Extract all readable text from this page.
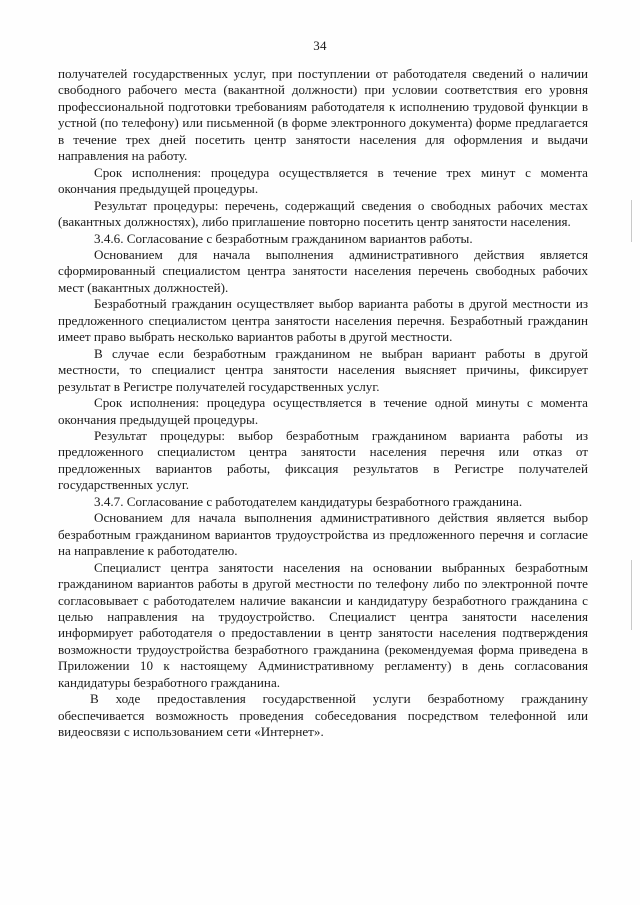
34

получателей государственных услуг, при поступлении от работодателя сведений о наличии свободного рабочего места (вакантной должности) при условии соответствия его уровня профессиональной подготовки требованиям работодателя к исполнению трудовой функции в устной (по телефону) или письменной (в форме электронного документа) форме предлагается в течение трех дней посетить центр занятости населения для оформления и выдачи направления на работу.

Срок исполнения: процедура осуществляется в течение трех минут с момента окончания предыдущей процедуры.

Результат процедуры: перечень, содержащий сведения о свободных рабочих местах (вакантных должностях), либо приглашение повторно посетить центр занятости населения.

3.4.6. Согласование с безработным гражданином вариантов работы.

Основанием для начала выполнения административного действия является сформированный специалистом центра занятости населения перечень свободных рабочих мест (вакантных должностей).

Безработный гражданин осуществляет выбор варианта работы в другой местности из предложенного специалистом центра занятости населения перечня. Безработный гражданин имеет право выбрать несколько вариантов работы в другой местности.

В случае если безработным гражданином не выбран вариант работы в другой местности, то специалист центра занятости населения выясняет причины, фиксирует результат в Регистре получателей государственных услуг.

Срок исполнения: процедура осуществляется в течение одной минуты с момента окончания предыдущей процедуры.

Результат процедуры: выбор безработным гражданином варианта работы из предложенного специалистом центра занятости населения перечня или отказ от предложенных вариантов работы, фиксация результатов в Регистре получателей государственных услуг.

3.4.7. Согласование с работодателем кандидатуры безработного гражданина.

Основанием для начала выполнения административного действия является выбор безработным гражданином вариантов трудоустройства из предложенного перечня и согласие на направление к работодателю.

Специалист центра занятости населения на основании выбранных безработным гражданином вариантов работы в другой местности по телефону либо по электронной почте согласовывает с работодателем наличие вакансии и кандидатуру безработного гражданина с целью направления на трудоустройство. Специалист центра занятости населения информирует работодателя о предоставлении в центр занятости населения подтверждения возможности трудоустройства безработного гражданина (рекомендуемая форма приведена в Приложении 10 к настоящему Административному регламенту) в день согласования кандидатуры безработного гражданина.

В ходе предоставления государственной услуги безработному гражданину обеспечивается возможность проведения собеседования посредством телефонной или видеосвязи с использованием сети «Интернет».
